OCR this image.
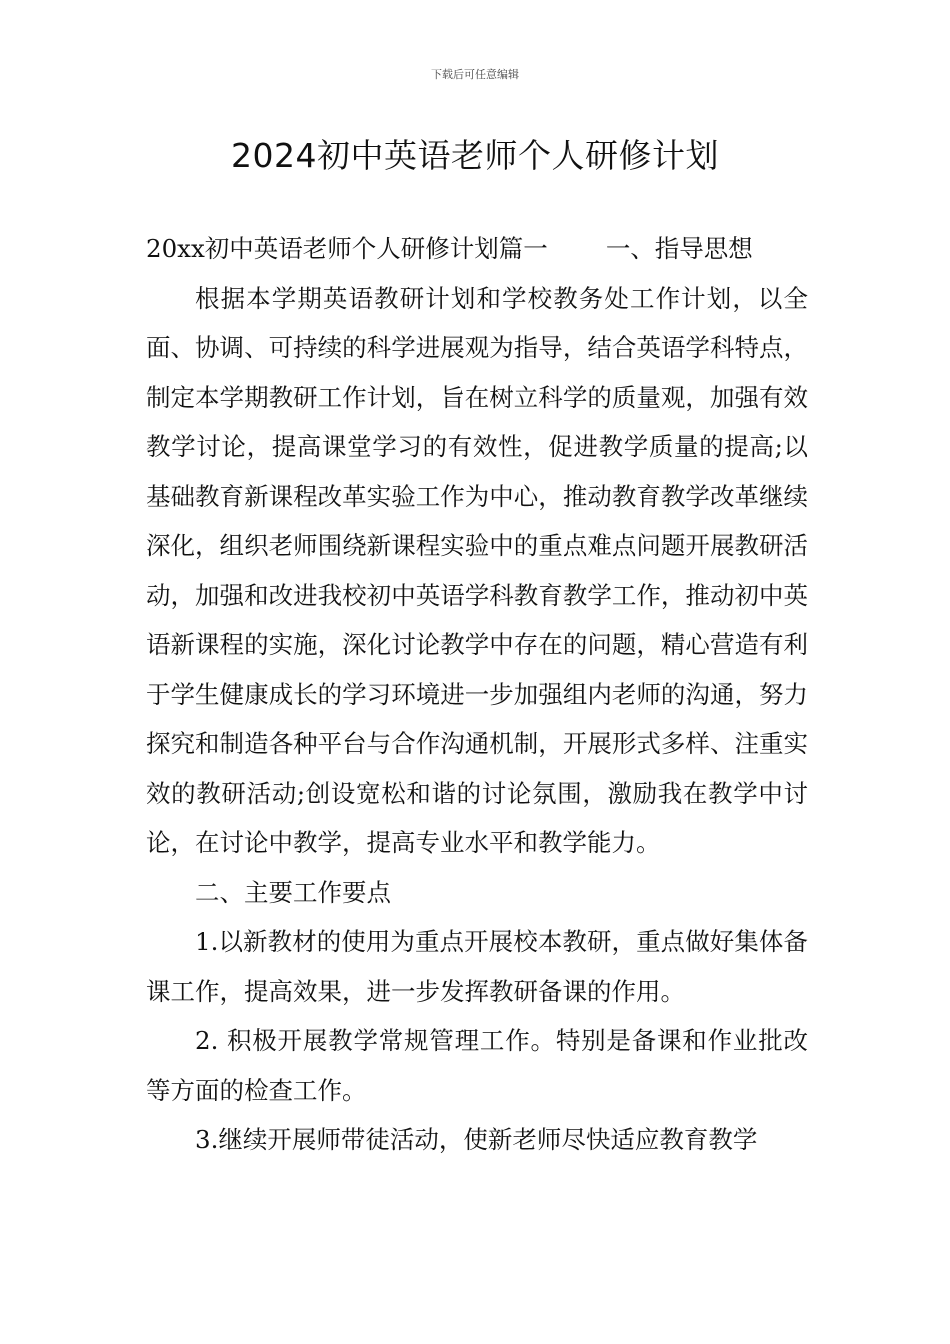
下载后可任意编辑
2024初中英语老师个人研修计划

20xx初中英语老师个人研修计划篇一 一、指导思想

根据本学期英语教研计划和学校教务处工作计划，以全面、协调、可持续的科学进展观为指导，结合英语学科特点，制定本学期教研工作计划，旨在树立科学的质量观，加强有效教学讨论，提高课堂学习的有效性，促进教学质量的提高;以基础教育新课程改革实验工作为中心，推动教育教学改革继续深化，组织老师围绕新课程实验中的重点难点问题开展教研活动，加强和改进我校初中英语学科教育教学工作，推动初中英语新课程的实施，深化讨论教学中存在的问题，精心营造有利于学生健康成长的学习环境进一步加强组内老师的沟通，努力探究和制造各种平台与合作沟通机制，开展形式多样、注重实效的教研活动;创设宽松和谐的讨论氛围，激励我在教学中讨论，在讨论中教学，提高专业水平和教学能力。

二、主要工作要点

1.以新教材的使用为重点开展校本教研，重点做好集体备课工作，提高效果，进一步发挥教研备课的作用。

2. 积极开展教学常规管理工作。特别是备课和作业批改等方面的检查工作。

3.继续开展师带徒活动，使新老师尽快适应教育教学
